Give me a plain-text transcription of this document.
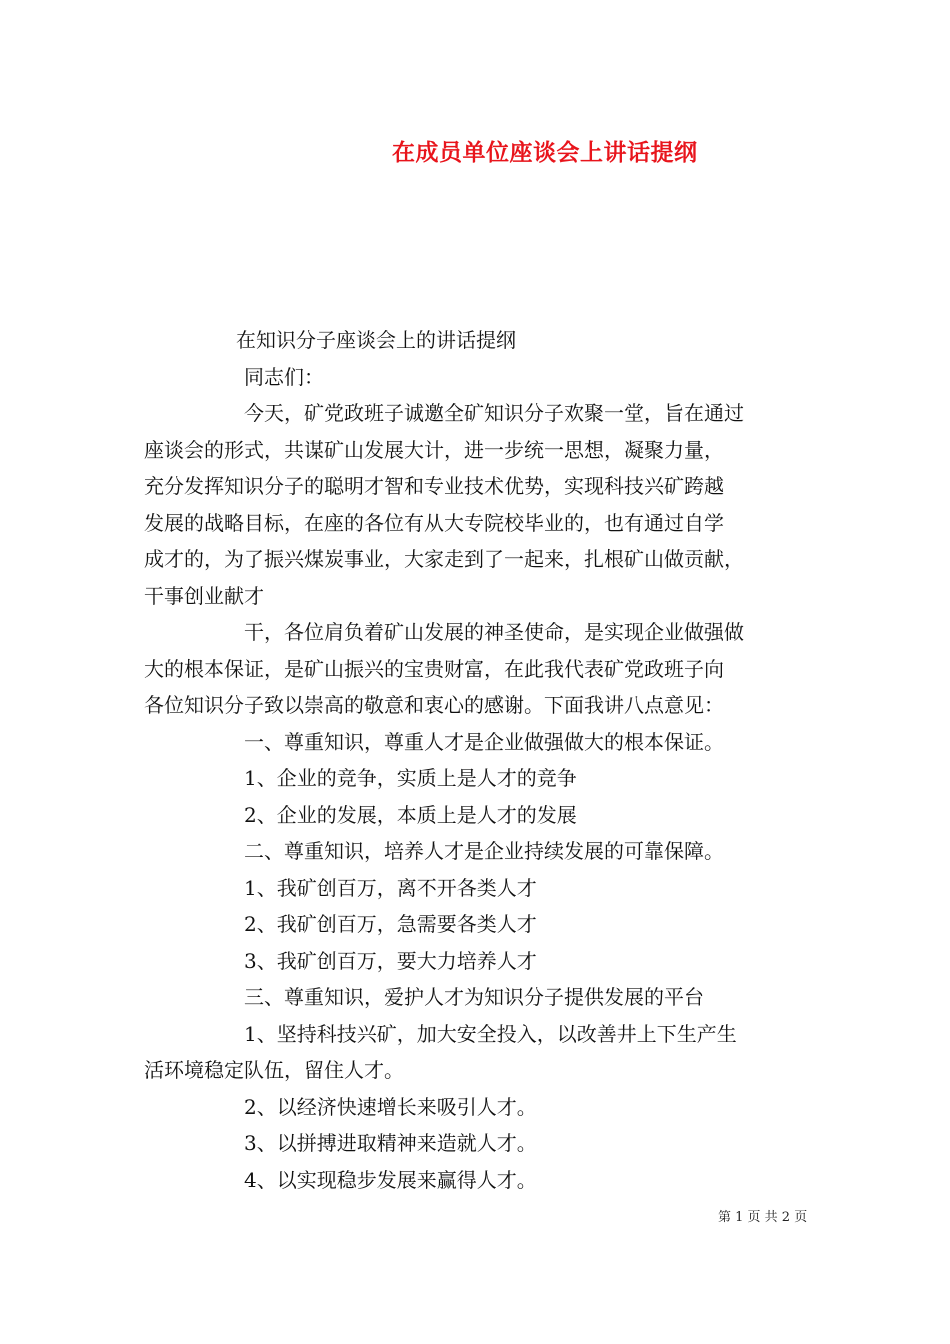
在成员单位座谈会上讲话提纲
在知识分子座谈会上的讲话提纲
同志们：
今天，矿党政班子诚邀全矿知识分子欢聚一堂，旨在通过
座谈会的形式，共谋矿山发展大计，进一步统一思想，凝聚力量，
充分发挥知识分子的聪明才智和专业技术优势，实现科技兴矿跨越
发展的战略目标，在座的各位有从大专院校毕业的，也有通过自学
成才的，为了振兴煤炭事业，大家走到了一起来，扎根矿山做贡献，
干事创业献才
干，各位肩负着矿山发展的神圣使命，是实现企业做强做
大的根本保证，是矿山振兴的宝贵财富，在此我代表矿党政班子向
各位知识分子致以崇高的敬意和衷心的感谢。下面我讲八点意见：
一、尊重知识，尊重人才是企业做强做大的根本保证。
1、企业的竞争，实质上是人才的竞争
2、企业的发展，本质上是人才的发展
二、尊重知识，培养人才是企业持续发展的可靠保障。
1、我矿创百万，离不开各类人才
2、我矿创百万，急需要各类人才
3、我矿创百万，要大力培养人才
三、尊重知识，爱护人才为知识分子提供发展的平台
1、坚持科技兴矿，加大安全投入，以改善井上下生产生
活环境稳定队伍，留住人才。
2、以经济快速增长来吸引人才。
3、以拼搏进取精神来造就人才。
4、以实现稳步发展来赢得人才。
第 1 页 共 2 页
